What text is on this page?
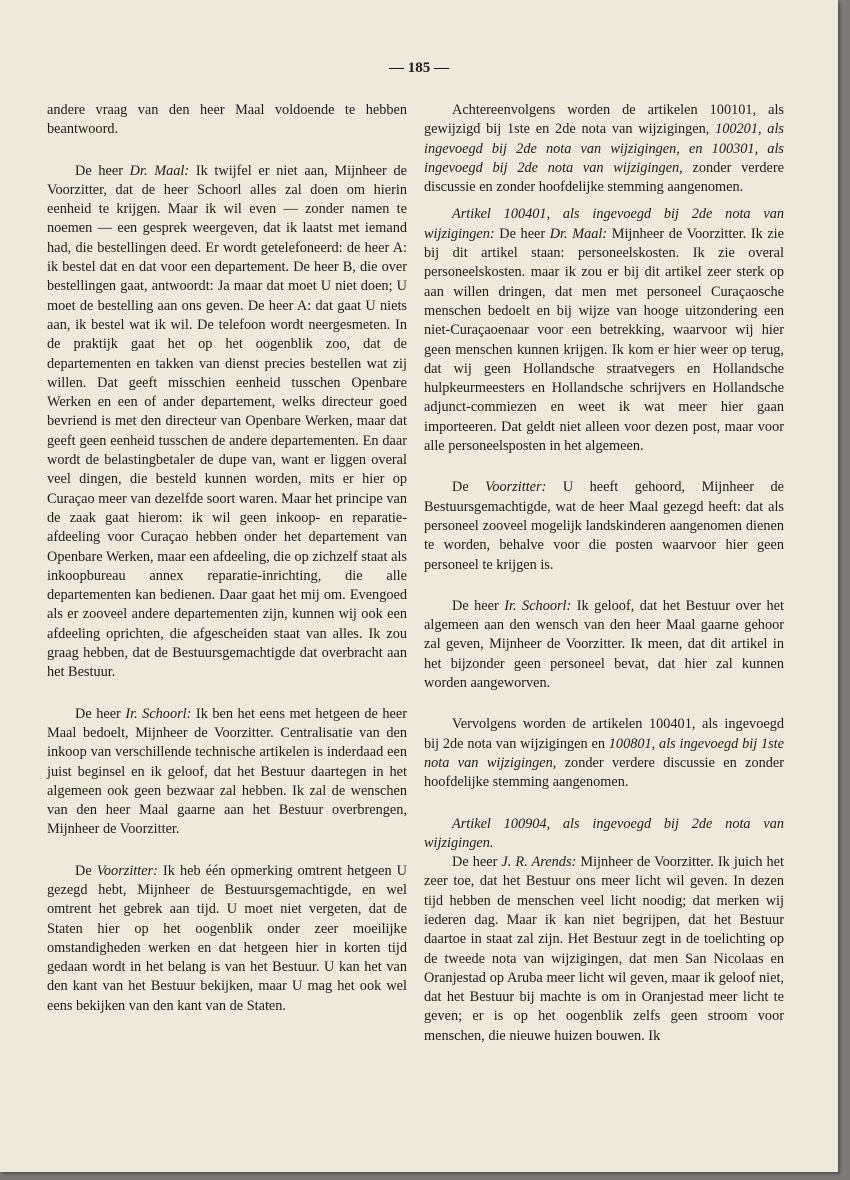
— 185 —

andere vraag van den heer Maal voldoende te hebben beantwoord.

De heer Dr. Maal: Ik twijfel er niet aan, Mijnheer de Voorzitter, dat de heer Schoorl alles zal doen om hierin eenheid te krijgen. Maar ik wil even — zonder namen te noemen — een gesprek weergeven, dat ik laatst met iemand had, die bestellingen deed. Er wordt getelefoneerd: de heer A: ik bestel dat en dat voor een departement. De heer B, die over bestellingen gaat, antwoordt: Ja maar dat moet U niet doen; U moet de bestelling aan ons geven. De heer A: dat gaat U niets aan, ik bestel wat ik wil. De telefoon wordt neergesmeten. In de praktijk gaat het op het oogenblik zoo, dat de departementen en takken van dienst precies bestellen wat zij willen. Dat geeft misschien eenheid tusschen Openbare Werken en een of ander departement, welks directeur goed bevriend is met den directeur van Openbare Werken, maar dat geeft geen eenheid tusschen de andere departementen. En daar wordt de belastingbetaler de dupe van, want er liggen overal veel dingen, die besteld kunnen worden, mits er hier op Curaçao meer van dezelfde soort waren. Maar het principe van de zaak gaat hierom: ik wil geen inkoop- en reparatie-afdeeling voor Curaçao hebben onder het departement van Openbare Werken, maar een afdeeling, die op zichzelf staat als inkoopbureau annex reparatie-inrichting, die alle departementen kan bedienen. Daar gaat het mij om. Evengoed als er zooveel andere departementen zijn, kunnen wij ook een afdeeling oprichten, die afgescheiden staat van alles. Ik zou graag hebben, dat de Bestuursgemachtigde dat overbracht aan het Bestuur.

De heer Ir. Schoorl: Ik ben het eens met hetgeen de heer Maal bedoelt, Mijnheer de Voorzitter. Centralisatie van den inkoop van verschillende technische artikelen is inderdaad een juist beginsel en ik geloof, dat het Bestuur daartegen in het algemeen ook geen bezwaar zal hebben. Ik zal de wenschen van den heer Maal gaarne aan het Bestuur overbrengen, Mijnheer de Voorzitter.

De Voorzitter: Ik heb één opmerking omtrent hetgeen U gezegd hebt, Mijnheer de Bestuursgemachtigde, en wel omtrent het gebrek aan tijd. U moet niet vergeten, dat de Staten hier op het oogenblik onder zeer moeilijke omstandigheden werken en dat hetgeen hier in korten tijd gedaan wordt in het belang is van het Bestuur. U kan het van den kant van het Bestuur bekijken, maar U mag het ook wel eens bekijken van den kant van de Staten.

Achtereenvolgens worden de artikelen 100101, als gewijzigd bij 1ste en 2de nota van wijzigingen, 100201, als ingevoegd bij 2de nota van wijzigingen, en 100301, als ingevoegd bij 2de nota van wijzigingen, zonder verdere discussie en zonder hoofdelijke stemming aangenomen.

Artikel 100401, als ingevoegd bij 2de nota van wijzigingen: De heer Dr. Maal: Mijnheer de Voorzitter. Ik zie bij dit artikel staan: personeelskosten. Ik zie overal personeelskosten. maar ik zou er bij dit artikel zeer sterk op aan willen dringen, dat men met personeel Curaçaosche menschen bedoelt en bij wijze van hooge uitzondering een niet-Curaçaoenaar voor een betrekking, waarvoor wij hier geen menschen kunnen krijgen. Ik kom er hier weer op terug, dat wij geen Hollandsche straatvegers en Hollandsche hulpkeurmeesters en Hollandsche schrijvers en Hollandsche adjunct-commiezen en weet ik wat meer hier gaan importeeren. Dat geldt niet alleen voor dezen post, maar voor alle personeelsposten in het algemeen.

De Voorzitter: U heeft gehoord, Mijnheer de Bestuursgemachtigde, wat de heer Maal gezegd heeft: dat als personeel zooveel mogelijk landskinderen aangenomen dienen te worden, behalve voor die posten waarvoor hier geen personeel te krijgen is.

De heer Ir. Schoorl: Ik geloof, dat het Bestuur over het algemeen aan den wensch van den heer Maal gaarne gehoor zal geven, Mijnheer de Voorzitter. Ik meen, dat dit artikel in het bijzonder geen personeel bevat, dat hier zal kunnen worden aangeworven.

Vervolgens worden de artikelen 100401, als ingevoegd bij 2de nota van wijzigingen en 100801, als ingevoegd bij 1ste nota van wijzigingen, zonder verdere discussie en zonder hoofdelijke stemming aangenomen.

Artikel 100904, als ingevoegd bij 2de nota van wijzigingen.

De heer J. R. Arends: Mijnheer de Voorzitter. Ik juich het zeer toe, dat het Bestuur ons meer licht wil geven. In dezen tijd hebben de menschen veel licht noodig; dat merken wij iederen dag. Maar ik kan niet begrijpen, dat het Bestuur daartoe in staat zal zijn. Het Bestuur zegt in de toelichting op de tweede nota van wijzigingen, dat men San Nicolaas en Oranjestad op Aruba meer licht wil geven, maar ik geloof niet, dat het Bestuur bij machte is om in Oranjestad meer licht te geven; er is op het oogenblik zelfs geen stroom voor menschen, die nieuwe huizen bouwen. Ik
